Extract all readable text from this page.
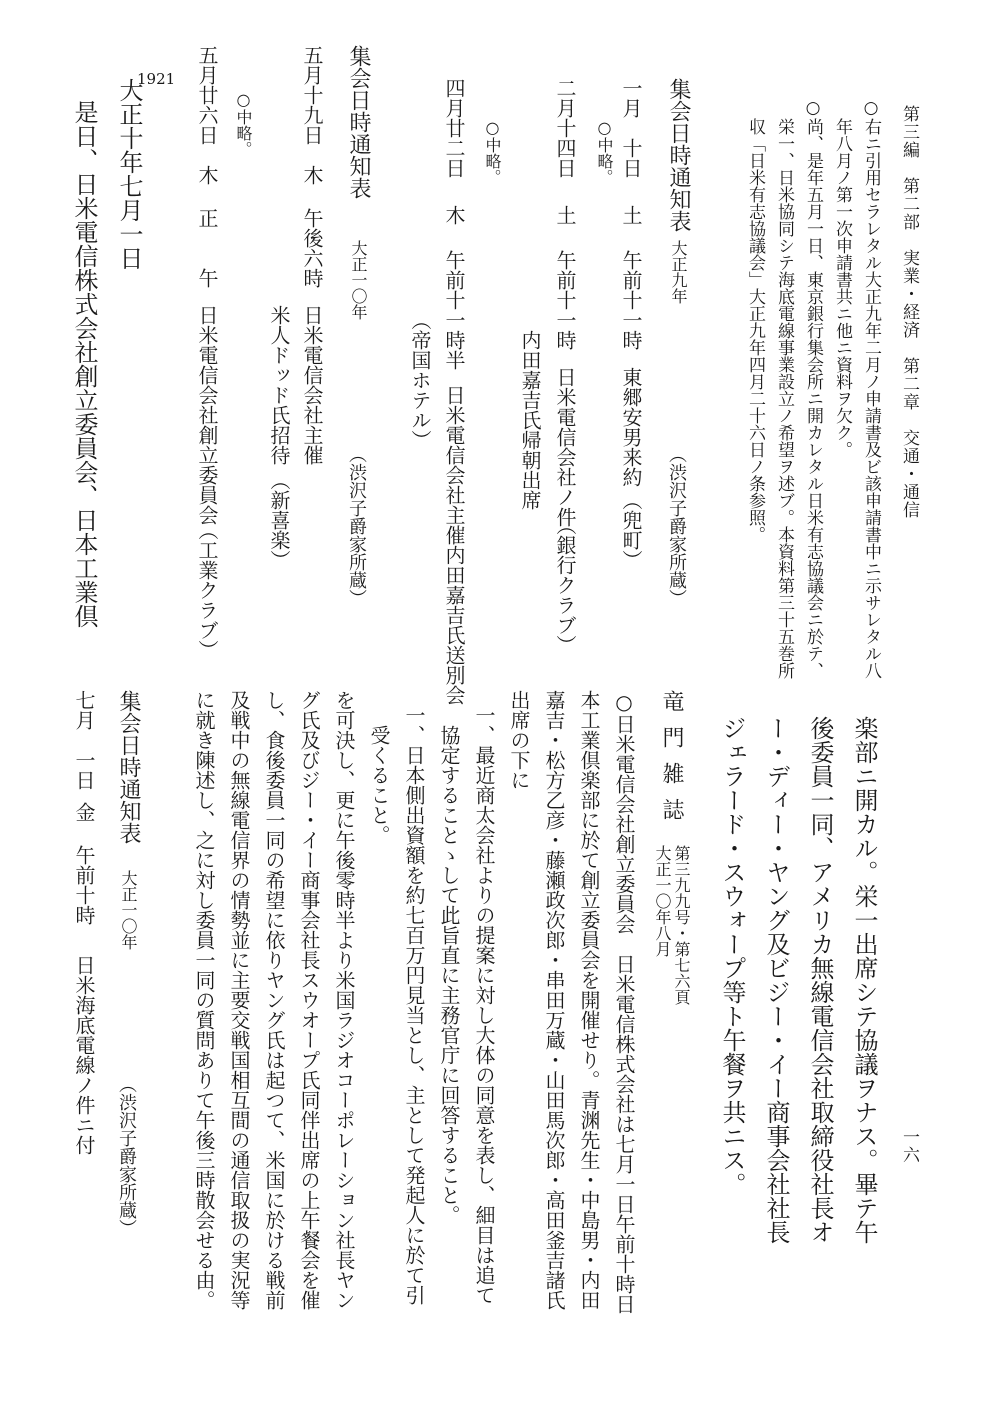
第三編　第二部　実業・経済　第二章　交通・通信
一六
○右ニ引用セラレタル大正九年二月ノ申請書及ビ該申請書中ニ示サレタル八
年八月ノ第一次申請書共ニ他ニ資料ヲ欠ク。
○尚、是年五月一日、東京銀行集会所ニ開カレタル日米有志協議会ニ於テ、
栄一、日米協同シテ海底電線事業設立ノ希望ヲ述ブ。本資料第三十五巻所
収「日米有志協議会」大正九年四月二十六日ノ条参照。
集会日時通知表
大正九年
（渋沢子爵家所蔵）
一月　十日
土
午前十一時
東郷安男来約
（兜町）
○中略。
二月十四日
土
午前十一時
日米電信会社ノ件
（銀行クラブ）
内田嘉吉氏帰朝出席
○中略。
四月廿二日
木
午前十一時半
日米電信会社主催内田嘉吉氏送別会
（帝国ホテル）
集会日時通知表
大正一〇年
（渋沢子爵家所蔵）
五月十九日
木
午後六時
日米電信会社主催
米人ドッド氏招待
（新喜楽）
○中略。
五月廿六日
木
正　　午
日米電信会社創立委員会
（工業クラブ）
1921
大正十年七月一日
是日、日米電信株式会社創立委員会、日本工業倶
楽部ニ開カル。栄一出席シテ協議ヲナス。畢テ午
後委員一同、アメリカ無線電信会社取締役社長オ
ー・ディー・ヤング及ビジー・イー商事会社社長
ジェラード・スウォープ等ト午餐ヲ共ニス。
竜門雑誌
第三九九号・第七六頁
大正一〇年八月
○日米電信会社創立委員会　日米電信株式会社は七月一日午前十時日
本工業倶楽部に於て創立委員会を開催せり。青渊先生・中島男・内田
嘉吉・松方乙彦・藤瀬政次郎・串田万蔵・山田馬次郎・高田釜吉諸氏
出席の下に
一、最近商太会社よりの提案に対し大体の同意を表し、細目は追て
　協定することゝして此旨直に主務官庁に回答すること。
一、日本側出資額を約七百万円見当とし、主として発起人に於て引
　受くること。
を可決し、更に午後零時半より米国ラジオコーポレーション社長ヤン
グ氏及びジー・イー商事会社長スウオープ氏同伴出席の上午餐会を催
し、食後委員一同の希望に依りヤング氏は起つて、米国に於ける戦前
及戦中の無線電信界の情勢並に主要交戦国相互間の通信取扱の実況等
に就き陳述し、之に対し委員一同の質問ありて午後三時散会せる由。
集会日時通知表
大正一〇年
（渋沢子爵家所蔵）
七月　一日
金
午前十時
日米海底電線ノ件ニ付
